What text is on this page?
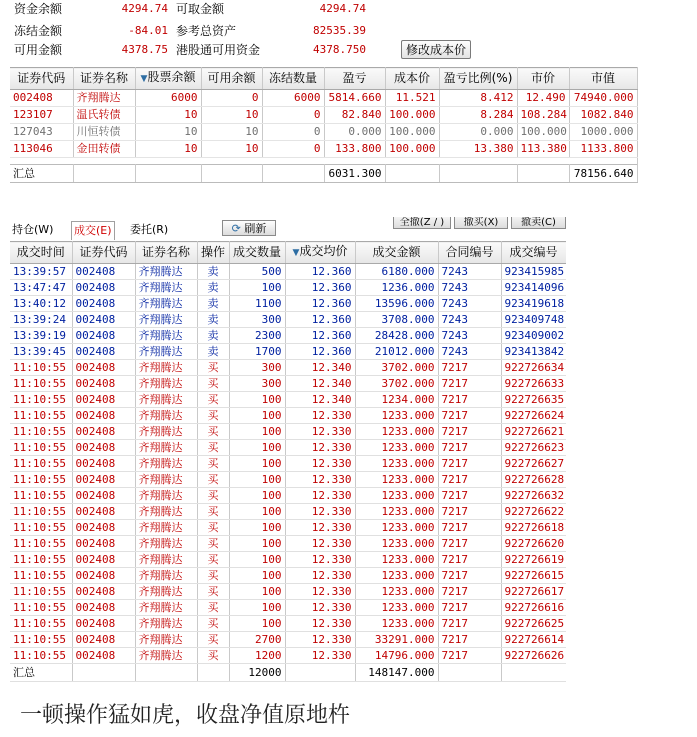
资金余额	4294.74 可取金额	4294.74
冻结金额	-84.01 参考总资产	82535.39
可用金额	4378.75 港股通可用资金	4378.750	修改成本价
证券代码	证券名称	▼股票余额	可用余额	冻结数量	盈亏	成本价	盈亏比例(%)	市价	市值
002408	齐翔腾达	6000	0	6000	5814.660	11.521	8.412	12.490	74940.000
123107	温氏转债	10	10	0	82.840	100.000	8.284	108.284	1082.840
127043	川恒转债	10	10	0	0.000	100.000	0.000	100.000	1000.000
113046	金田转债	10	10	0	133.800	100.000	13.380	113.380	1133.800

汇总					6031.300				78156.640
持仓(W) 成交(E) 委托(R)	⟳ 刷新	全撤(Z / )	撤买(X)	撤卖(C)
成交时间	证券代码	证券名称	操作	成交数量	▼成交均价	成交金额	合同编号	成交编号
13:39:57	002408	齐翔腾达	卖	500	12.360	6180.000	7243	923415985
13:47:47	002408	齐翔腾达	卖	100	12.360	1236.000	7243	923414096
13:40:12	002408	齐翔腾达	卖	1100	12.360	13596.000	7243	923419618
13:39:24	002408	齐翔腾达	卖	300	12.360	3708.000	7243	923409748
13:39:19	002408	齐翔腾达	卖	2300	12.360	28428.000	7243	923409002
13:39:45	002408	齐翔腾达	卖	1700	12.360	21012.000	7243	923413842
11:10:55	002408	齐翔腾达	买	300	12.340	3702.000	7217	922726634
11:10:55	002408	齐翔腾达	买	300	12.340	3702.000	7217	922726633
11:10:55	002408	齐翔腾达	买	100	12.340	1234.000	7217	922726635
11:10:55	002408	齐翔腾达	买	100	12.330	1233.000	7217	922726624
11:10:55	002408	齐翔腾达	买	100	12.330	1233.000	7217	922726621
11:10:55	002408	齐翔腾达	买	100	12.330	1233.000	7217	922726623
11:10:55	002408	齐翔腾达	买	100	12.330	1233.000	7217	922726627
11:10:55	002408	齐翔腾达	买	100	12.330	1233.000	7217	922726628
11:10:55	002408	齐翔腾达	买	100	12.330	1233.000	7217	922726632
11:10:55	002408	齐翔腾达	买	100	12.330	1233.000	7217	922726622
11:10:55	002408	齐翔腾达	买	100	12.330	1233.000	7217	922726618
11:10:55	002408	齐翔腾达	买	100	12.330	1233.000	7217	922726620
11:10:55	002408	齐翔腾达	买	100	12.330	1233.000	7217	922726619
11:10:55	002408	齐翔腾达	买	100	12.330	1233.000	7217	922726615
11:10:55	002408	齐翔腾达	买	100	12.330	1233.000	7217	922726617
11:10:55	002408	齐翔腾达	买	100	12.330	1233.000	7217	922726616
11:10:55	002408	齐翔腾达	买	100	12.330	1233.000	7217	922726625
11:10:55	002408	齐翔腾达	买	2700	12.330	33291.000	7217	922726614
11:10:55	002408	齐翔腾达	买	1200	12.330	14796.000	7217	922726626
汇总				12000		148147.000		
一顿操作猛如虎，收盘净值原地杵
